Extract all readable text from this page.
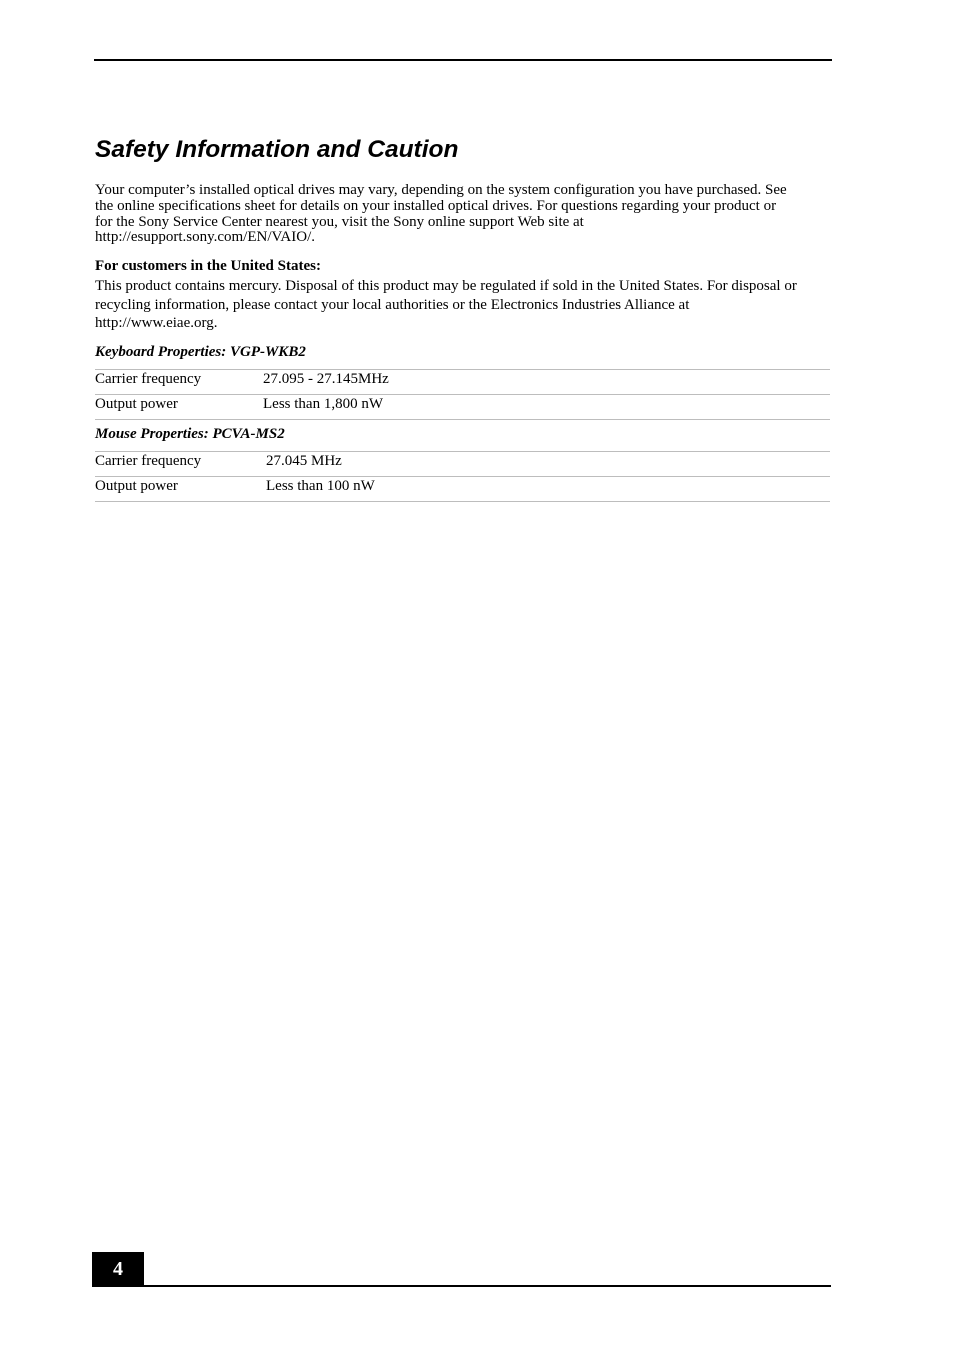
Safety Information and Caution

Your computer’s installed optical drives may vary, depending on the system configuration you have purchased. See
the online specifications sheet for details on your installed optical drives. For questions regarding your product or
for the Sony Service Center nearest you, visit the Sony online support Web site at
http://esupport.sony.com/EN/VAIO/.

For customers in the United States:

This product contains mercury. Disposal of this product may be regulated if sold in the United States. For disposal or
recycling information, please contact your local authorities or the Electronics Industries Alliance at
http://www.eiae.org.

Keyboard Properties: VGP-WKB2

Carrier frequency	27.095 - 27.145MHz
Output power	Less than 1,800 nW

Mouse Properties: PCVA-MS2

Carrier frequency	27.045 MHz
Output power	Less than 100 nW
4
